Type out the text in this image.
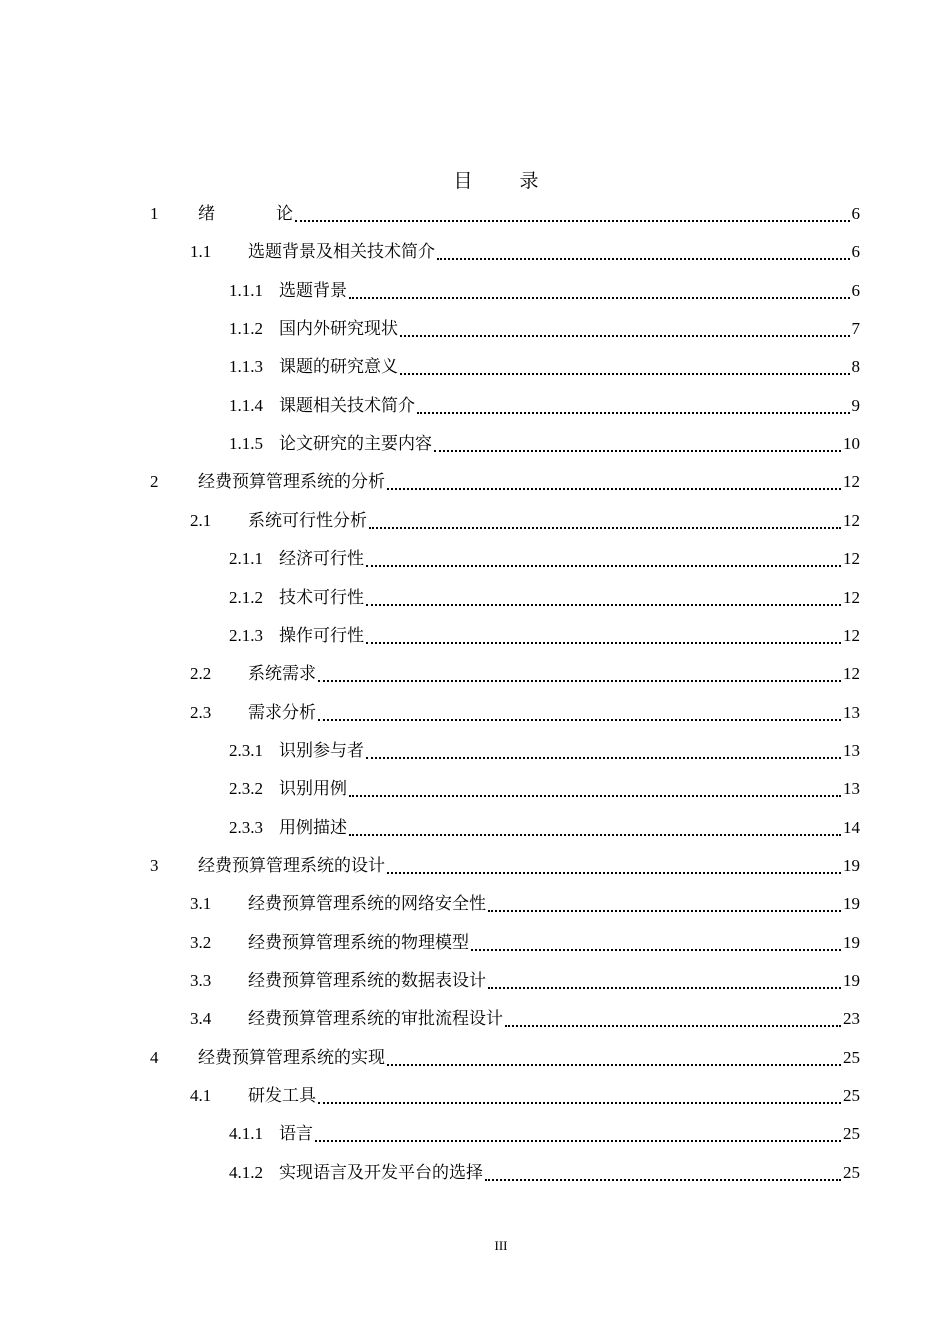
目　录
1	绪　论	6
1.1	选题背景及相关技术简介	6
1.1.1 选题背景	6
1.1.2 国内外研究现状	7
1.1.3 课题的研究意义	8
1.1.4 课题相关技术简介	9
1.1.5 论文研究的主要内容	10
2	经费预算管理系统的分析	12
2.1	系统可行性分析	12
2.1.1 经济可行性	12
2.1.2 技术可行性	12
2.1.3 操作可行性	12
2.2	系统需求	12
2.3	需求分析	13
2.3.1 识别参与者	13
2.3.2 识别用例	13
2.3.3 用例描述	14
3	经费预算管理系统的设计	19
3.1	经费预算管理系统的网络安全性	19
3.2	经费预算管理系统的物理模型	19
3.3	经费预算管理系统的数据表设计	19
3.4	经费预算管理系统的审批流程设计	23
4	经费预算管理系统的实现	25
4.1	研发工具	25
4.1.1 语言	25
4.1.2 实现语言及开发平台的选择	25
III
